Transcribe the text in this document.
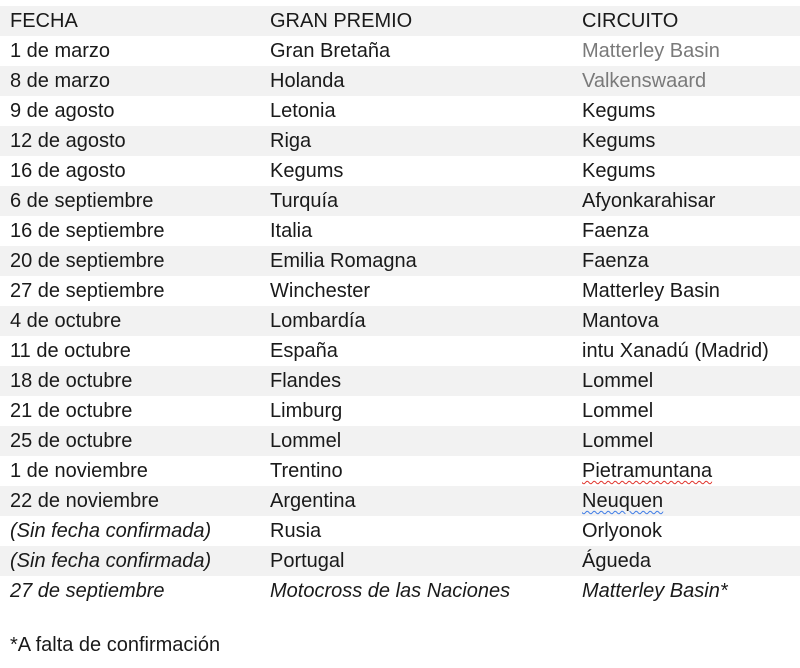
FECHA	GRAN PREMIO	CIRCUITO
1 de marzo	Gran Bretaña	Matterley Basin
8 de marzo	Holanda	Valkenswaard
9 de agosto	Letonia	Kegums
12 de agosto	Riga	Kegums
16 de agosto	Kegums	Kegums
6 de septiembre	Turquía	Afyonkarahisar
16 de septiembre	Italia	Faenza
20 de septiembre	Emilia Romagna	Faenza
27 de septiembre	Winchester	Matterley Basin
4 de octubre	Lombardía	Mantova
11 de octubre	España	intu Xanadú (Madrid)
18 de octubre	Flandes	Lommel
21 de octubre	Limburg	Lommel
25 de octubre	Lommel	Lommel
1 de noviembre	Trentino	Pietramuntana
22 de noviembre	Argentina	Neuquen
(Sin fecha confirmada)	Rusia	Orlyonok
(Sin fecha confirmada)	Portugal	Águeda
27 de septiembre	Motocross de las Naciones	Matterley Basin*
*A falta de confirmación
